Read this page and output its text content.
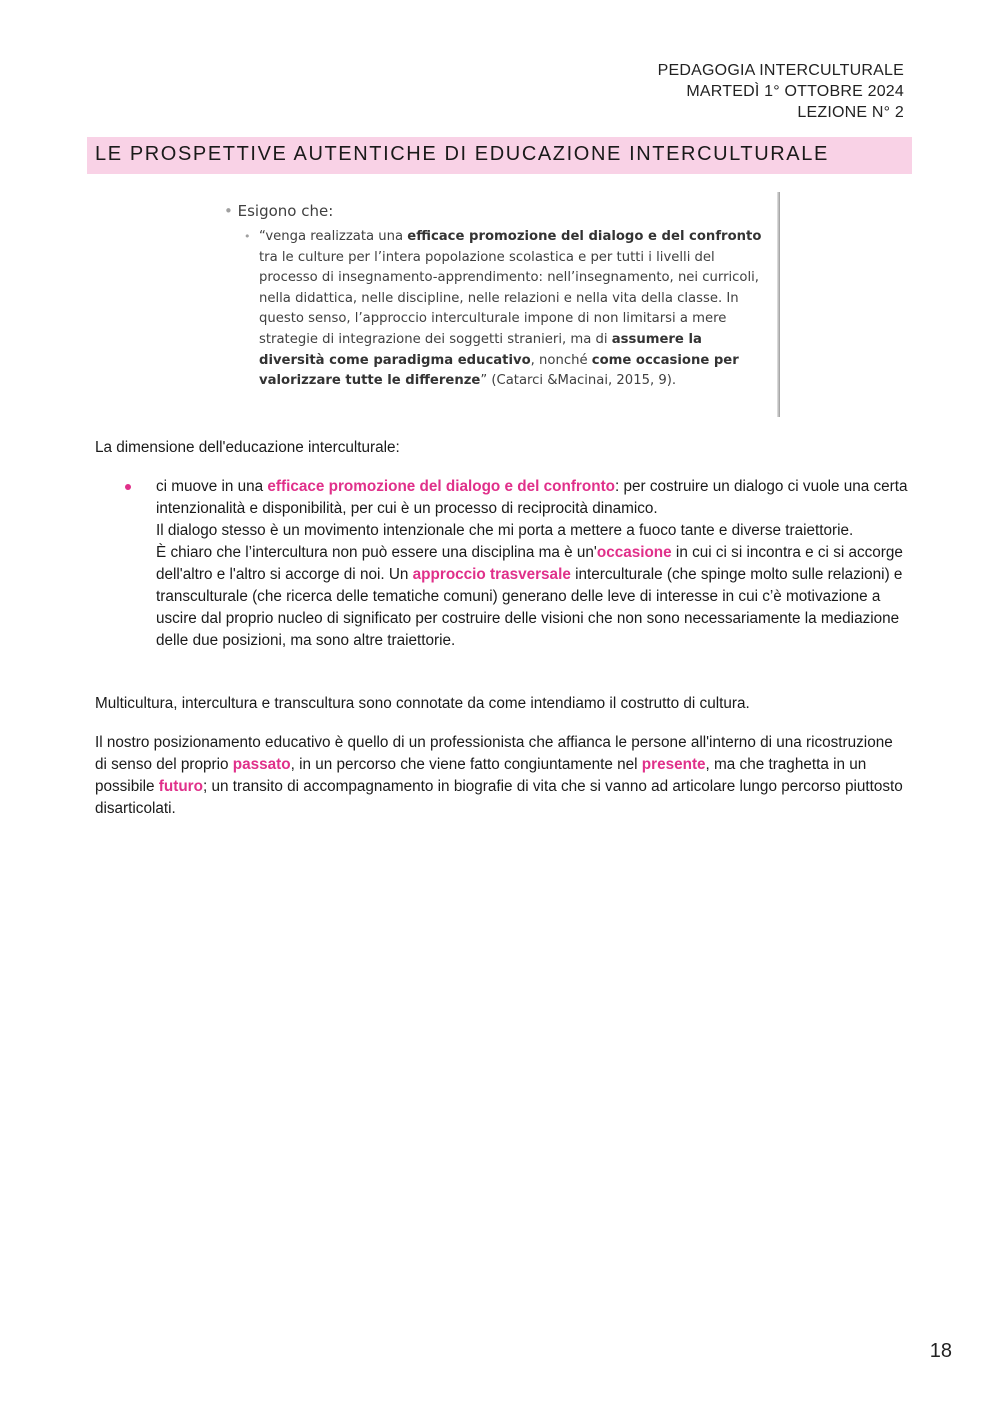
PEDAGOGIA INTERCULTURALE
MARTEDÌ 1° OTTOBRE 2024
LEZIONE N° 2
LE PROSPETTIVE AUTENTICHE DI EDUCAZIONE INTERCULTURALE
• Esigono che:
• “venga realizzata una efficace promozione del dialogo e del confronto tra le culture per l’intera popolazione scolastica e per tutti i livelli del processo di insegnamento-apprendimento: nell’insegnamento, nei curricoli, nella didattica, nelle discipline, nelle relazioni e nella vita della classe. In questo senso, l’approccio interculturale impone di non limitarsi a mere strategie di integrazione dei soggetti stranieri, ma di assumere la diversità come paradigma educativo, nonché come occasione per valorizzare tutte le differenze” (Catarci &Macinai, 2015, 9).
La dimensione dell'educazione interculturale:
ci muove in una efficace promozione del dialogo e del confronto: per costruire un dialogo ci vuole una certa intenzionalità e disponibilità, per cui è un processo di reciprocità dinamico.
Il dialogo stesso è un movimento intenzionale che mi porta a mettere a fuoco tante e diverse traiettorie.
È chiaro che l’intercultura non può essere una disciplina ma è un'occasione in cui ci si incontra e ci si accorge dell'altro e l'altro si accorge di noi. Un approccio trasversale interculturale (che spinge molto sulle relazioni) e transculturale (che ricerca delle tematiche comuni) generano delle leve di interesse in cui c’è motivazione a uscire dal proprio nucleo di significato per costruire delle visioni che non sono necessariamente la mediazione delle due posizioni, ma sono altre traiettorie.
Multicultura, intercultura e transcultura sono connotate da come intendiamo il costrutto di cultura.
Il nostro posizionamento educativo è quello di un professionista che affianca le persone all'interno di una ricostruzione di senso del proprio passato, in un percorso che viene fatto congiuntamente nel presente, ma che traghetta in un possibile futuro; un transito di accompagnamento in biografie di vita che si vanno ad articolare lungo percorso piuttosto disarticolati.
18
